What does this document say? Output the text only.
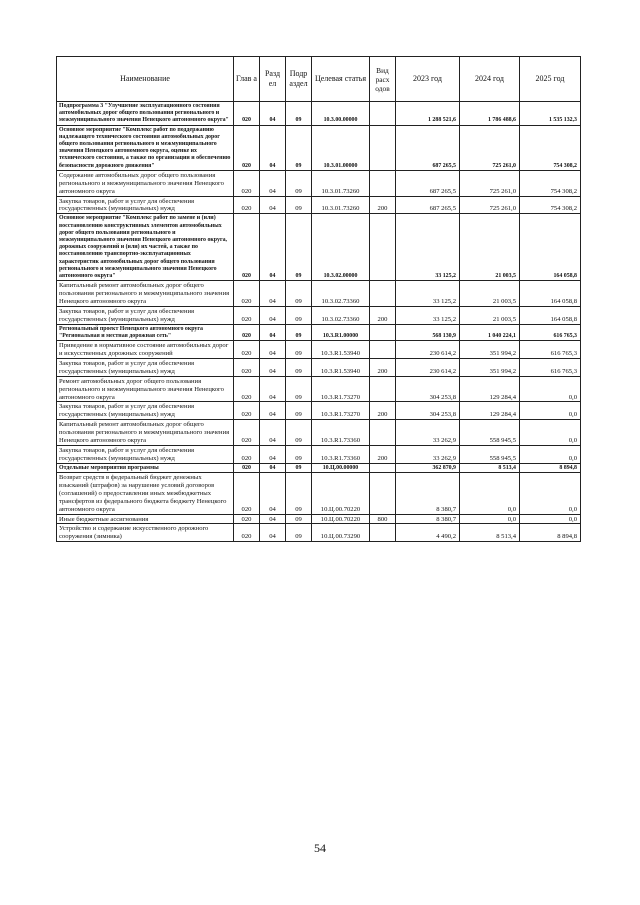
Наименование	Глав а	Разд ел	Подр аздел	Целевая статья	Вид расх одов	2023 год	2024 год	2025 год
Подпрограмма 3 "Улучшение эксплуатационного состояния автомобильных дорог общего пользования регионального и межмуниципального значения Ненецкого автономного округа"	020	04	09	10.3.00.00000		1 288 521,6	1 786 488,6	1 535 132,3
Основное мероприятие "Комплекс работ по поддержанию надлежащего технического состояния автомобильных дорог общего пользования регионального и межмуниципального значения Ненецкого автономного округа, оценке их технического состояния, а также по организации и обеспечению безопасности дорожного движения"	020	04	09	10.3.01.00000		687 265,5	725 261,0	754 308,2
Содержание автомобильных дорог общего пользования регионального и межмуниципального значения Ненецкого автономного округа	020	04	09	10.3.01.73260		687 265,5	725 261,0	754 308,2
Закупка товаров, работ и услуг для обеспечения государственных (муниципальных) нужд	020	04	09	10.3.01.73260	200	687 265,5	725 261,0	754 308,2
Основное мероприятие "Комплекс работ по замене и (или) восстановлению конструктивных элементов автомобильных дорог общего пользования регионального и межмуниципального значения Ненецкого автономного округа, дорожных сооружений и (или) их частей, а также по восстановлению транспортно-эксплуатационных характеристик автомобильных дорог общего пользования регионального и межмуниципального значения Ненецкого автономного округа"	020	04	09	10.3.02.00000		33 125,2	21 003,5	164 058,8
Капитальный ремонт автомобильных дорог общего пользования регионального и межмуниципального значения Ненецкого автономного округа	020	04	09	10.3.02.73360		33 125,2	21 003,5	164 058,8
Закупка товаров, работ и услуг для обеспечения государственных (муниципальных) нужд	020	04	09	10.3.02.73360	200	33 125,2	21 003,5	164 058,8
Региональный проект Ненецкого автономного округа "Региональная и местная дорожная сеть"	020	04	09	10.3.R1.00000		568 130,9	1 040 224,1	616 765,3
Приведение в нормативное состояние автомобильных дорог и искусственных дорожных сооружений	020	04	09	10.3.R1.53940		230 614,2	351 994,2	616 765,3
Закупка товаров, работ и услуг для обеспечения государственных (муниципальных) нужд	020	04	09	10.3.R1.53940	200	230 614,2	351 994,2	616 765,3
Ремонт автомобильных дорог общего пользования регионального и межмуниципального значения Ненецкого автономного округа	020	04	09	10.3.R1.73270		304 253,8	129 284,4	0,0
Закупка товаров, работ и услуг для обеспечения государственных (муниципальных) нужд	020	04	09	10.3.R1.73270	200	304 253,8	129 284,4	0,0
Капитальный ремонт автомобильных дорог общего пользования регионального и межмуниципального значения Ненецкого автономного округа	020	04	09	10.3.R1.73360		33 262,9	558 945,5	0,0
Закупка товаров, работ и услуг для обеспечения государственных (муниципальных) нужд	020	04	09	10.3.R1.73360	200	33 262,9	558 945,5	0,0
Отдельные мероприятия программы	020	04	09	10.Ц.00.00000		362 870,9	8 513,4	8 894,8
Возврат средств в федеральный бюджет денежных взысканий (штрафов) за нарушение условий договоров (соглашений) о предоставлении иных межбюджетных трансфертов из федерального бюджета бюджету Ненецкого автономного округа	020	04	09	10.Ц.00.70220		8 380,7	0,0	0,0
Иные бюджетные ассигнования	020	04	09	10.Ц.00.70220	800	8 380,7	0,0	0,0
Устройство и содержание искусственного дорожного сооружения (зимника)	020	04	09	10.Ц.00.73290		4 490,2	8 513,4	8 894,8
54
